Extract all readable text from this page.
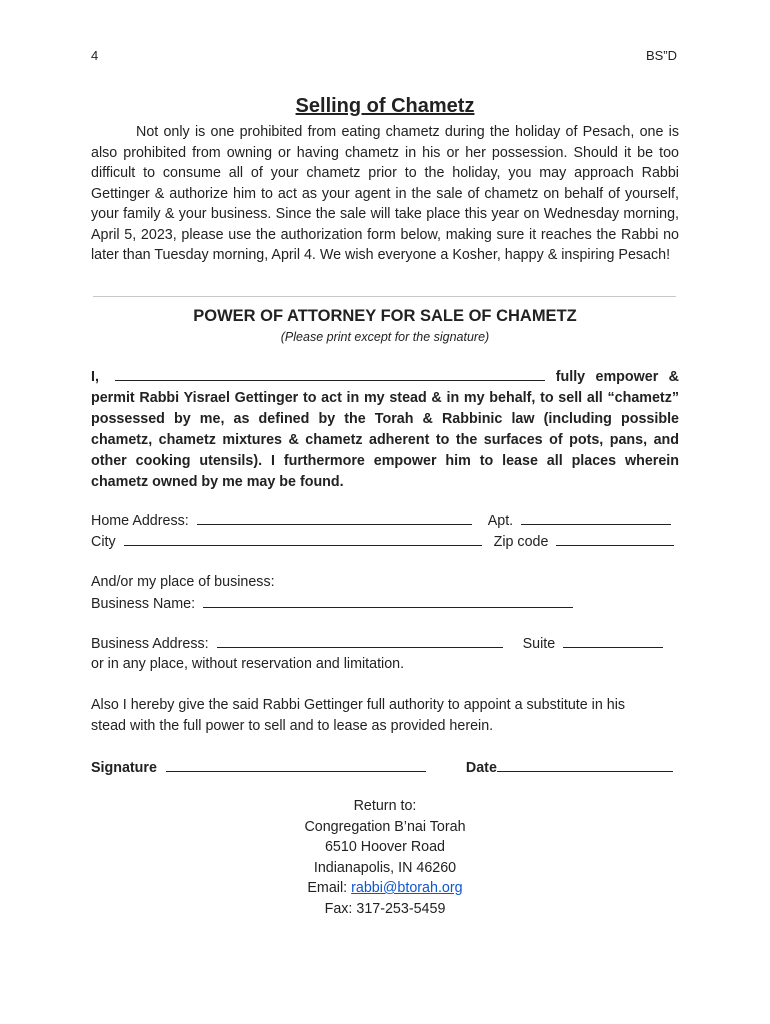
4	BS”D
Selling of Chametz

Not only is one prohibited from eating chametz during the holiday of Pesach, one is also prohibited from owning or having chametz in his or her possession. Should it be too difficult to consume all of your chametz prior to the holiday, you may approach Rabbi Gettinger & authorize him to act as your agent in the sale of chametz on behalf of yourself, your family & your business. Since the sale will take place this year on Wednesday morning, April 5, 2023, please use the authorization form below, making sure it reaches the Rabbi no later than Tuesday morning, April 4. We wish everyone a Kosher, happy & inspiring Pesach!

POWER OF ATTORNEY FOR SALE OF CHAMETZ
(Please print except for the signature)

I,	fully empower & permit Rabbi Yisrael Gettinger to act in my stead & in my behalf, to sell all “chametz” possessed by me, as defined by the Torah & Rabbinic law (including possible chametz, chametz mixtures & chametz adherent to the surfaces of pots, pans, and other cooking utensils). I furthermore empower him to lease all places wherein chametz owned by me may be found.

Home Address:	Apt.
City	Zip code
And/or my place of business:
Business Name:
Business Address:	Suite
or in any place, without reservation and limitation.

Also I hereby give the said Rabbi Gettinger full authority to appoint a substitute in his stead with the full power to sell and to lease as provided herein.

Signature	Date
Return to:
Congregation B’nai Torah
6510 Hoover Road
Indianapolis, IN 46260
Email: rabbi@btorah.org
Fax: 317-253-5459
